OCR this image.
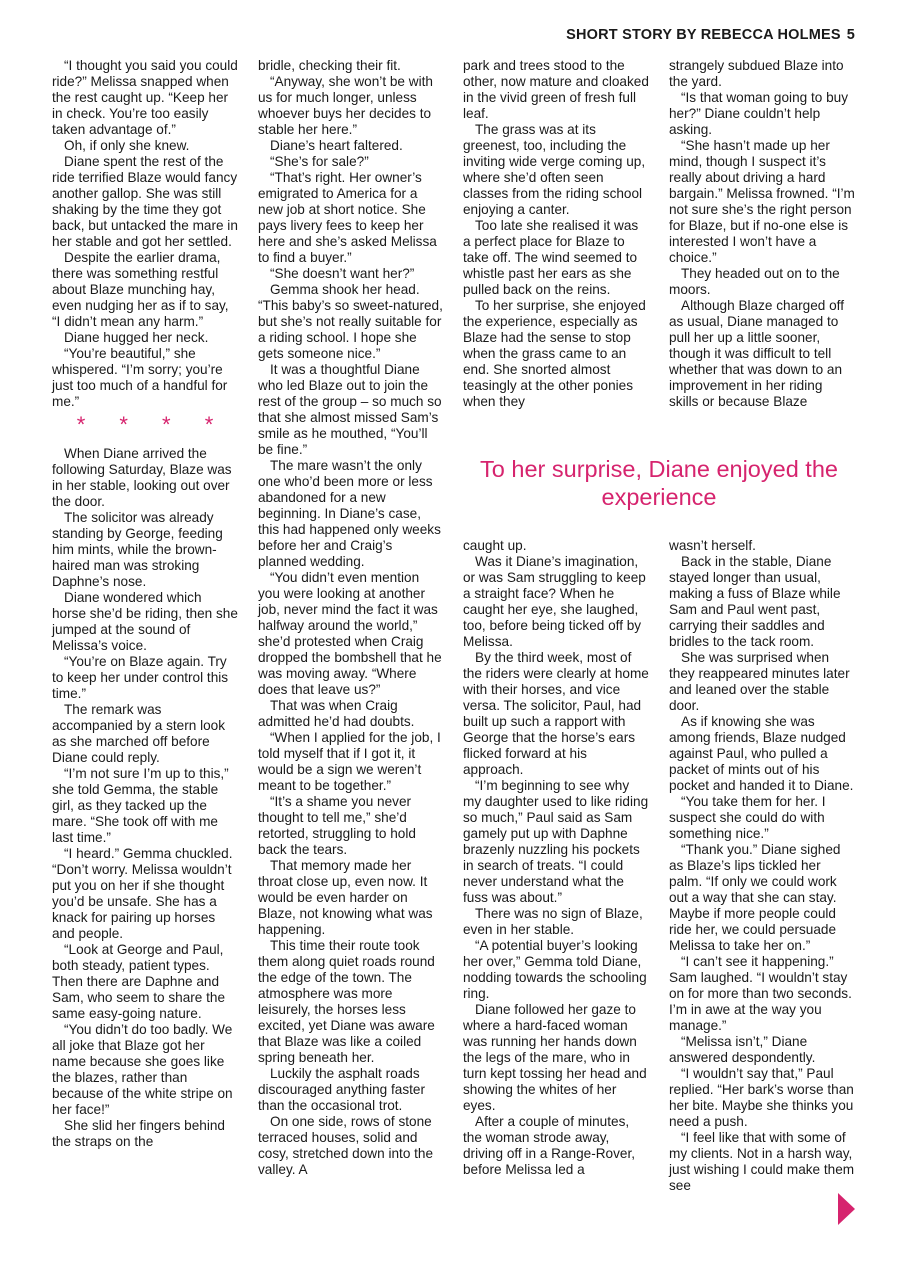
SHORT STORY BY REBECCA HOLMES 5

“I thought you said you could ride?” Melissa snapped when the rest caught up. “Keep her in check. You’re too easily taken advantage of.”

Oh, if only she knew.

Diane spent the rest of the ride terrified Blaze would fancy another gallop. She was still shaking by the time they got back, but untacked the mare in her stable and got her settled.

Despite the earlier drama, there was something restful about Blaze munching hay, even nudging her as if to say, “I didn’t mean any harm.”

Diane hugged her neck.

“You’re beautiful,” she whispered. “I’m sorry; you’re just too much of a handful for me.”

* * * *

When Diane arrived the following Saturday, Blaze was in her stable, looking out over the door.

The solicitor was already standing by George, feeding him mints, while the brown-haired man was stroking Daphne’s nose.

Diane wondered which horse she’d be riding, then she jumped at the sound of Melissa’s voice.

“You’re on Blaze again. Try to keep her under control this time.”

The remark was accompanied by a stern look as she marched off before Diane could reply.

“I’m not sure I’m up to this,” she told Gemma, the stable girl, as they tacked up the mare. “She took off with me last time.”

“I heard.” Gemma chuckled. “Don’t worry. Melissa wouldn’t put you on her if she thought you’d be unsafe. She has a knack for pairing up horses and people.

“Look at George and Paul, both steady, patient types. Then there are Daphne and Sam, who seem to share the same easy-going nature.

“You didn’t do too badly. We all joke that Blaze got her name because she goes like the blazes, rather than because of the white stripe on her face!”

She slid her fingers behind the straps on the

bridle, checking their fit.

“Anyway, she won’t be with us for much longer, unless whoever buys her decides to stable her here.”

Diane’s heart faltered.

“She’s for sale?”

“That’s right. Her owner’s emigrated to America for a new job at short notice. She pays livery fees to keep her here and she’s asked Melissa to find a buyer.”

“She doesn’t want her?”

Gemma shook her head. “This baby’s so sweet-natured, but she’s not really suitable for a riding school. I hope she gets someone nice.”

It was a thoughtful Diane who led Blaze out to join the rest of the group – so much so that she almost missed Sam’s smile as he mouthed, “You’ll be fine.”

The mare wasn’t the only one who’d been more or less abandoned for a new beginning. In Diane’s case, this had happened only weeks before her and Craig’s planned wedding.

“You didn’t even mention you were looking at another job, never mind the fact it was halfway around the world,” she’d protested when Craig dropped the bombshell that he was moving away. “Where does that leave us?”

That was when Craig admitted he’d had doubts.

“When I applied for the job, I told myself that if I got it, it would be a sign we weren’t meant to be together.”

“It’s a shame you never thought to tell me,” she’d retorted, struggling to hold back the tears.

That memory made her throat close up, even now. It would be even harder on Blaze, not knowing what was happening.

This time their route took them along quiet roads round the edge of the town. The atmosphere was more leisurely, the horses less excited, yet Diane was aware that Blaze was like a coiled spring beneath her.

Luckily the asphalt roads discouraged anything faster than the occasional trot.

On one side, rows of stone terraced houses, solid and cosy, stretched down into the valley. A

park and trees stood to the other, now mature and cloaked in the vivid green of fresh full leaf.

The grass was at its greenest, too, including the inviting wide verge coming up, where she’d often seen classes from the riding school enjoying a canter.

Too late she realised it was a perfect place for Blaze to take off. The wind seemed to whistle past her ears as she pulled back on the reins.

To her surprise, she enjoyed the experience, especially as Blaze had the sense to stop when the grass came to an end. She snorted almost teasingly at the other ponies when they

strangely subdued Blaze into the yard.

“Is that woman going to buy her?” Diane couldn’t help asking.

“She hasn’t made up her mind, though I suspect it’s really about driving a hard bargain.” Melissa frowned. “I’m not sure she’s the right person for Blaze, but if no-one else is interested I won’t have a choice.”

They headed out on to the moors.

Although Blaze charged off as usual, Diane managed to pull her up a little sooner, though it was difficult to tell whether that was down to an improvement in her riding skills or because Blaze

To her surprise, Diane enjoyed the experience

caught up.

Was it Diane’s imagination, or was Sam struggling to keep a straight face? When he caught her eye, she laughed, too, before being ticked off by Melissa.

By the third week, most of the riders were clearly at home with their horses, and vice versa. The solicitor, Paul, had built up such a rapport with George that the horse’s ears flicked forward at his approach.

“I’m beginning to see why my daughter used to like riding so much,” Paul said as Sam gamely put up with Daphne brazenly nuzzling his pockets in search of treats. “I could never understand what the fuss was about.”

There was no sign of Blaze, even in her stable.

“A potential buyer’s looking her over,” Gemma told Diane, nodding towards the schooling ring.

Diane followed her gaze to where a hard-faced woman was running her hands down the legs of the mare, who in turn kept tossing her head and showing the whites of her eyes.

After a couple of minutes, the woman strode away, driving off in a Range-Rover, before Melissa led a

wasn’t herself.

Back in the stable, Diane stayed longer than usual, making a fuss of Blaze while Sam and Paul went past, carrying their saddles and bridles to the tack room.

She was surprised when they reappeared minutes later and leaned over the stable door.

As if knowing she was among friends, Blaze nudged against Paul, who pulled a packet of mints out of his pocket and handed it to Diane.

“You take them for her. I suspect she could do with something nice.”

“Thank you.” Diane sighed as Blaze’s lips tickled her palm. “If only we could work out a way that she can stay. Maybe if more people could ride her, we could persuade Melissa to take her on.”

“I can’t see it happening.” Sam laughed. “I wouldn’t stay on for more than two seconds. I’m in awe at the way you manage.”

“Melissa isn’t,” Diane answered despondently.

“I wouldn’t say that,” Paul replied. “Her bark’s worse than her bite. Maybe she thinks you need a push.

“I feel like that with some of my clients. Not in a harsh way, just wishing I could make them see
